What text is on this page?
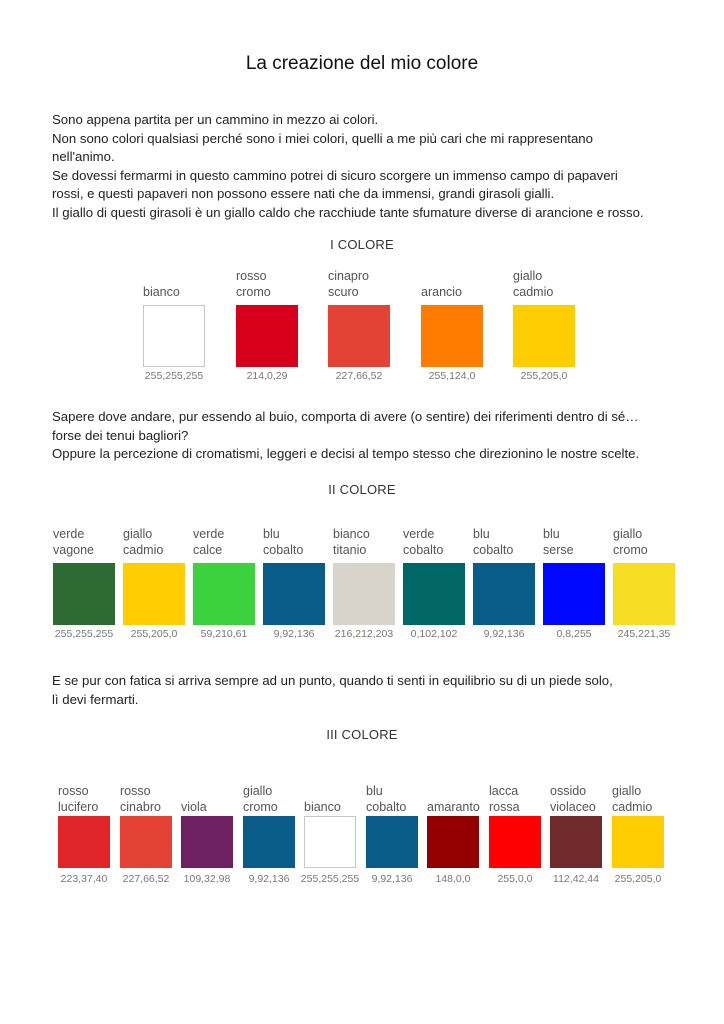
La creazione del mio colore
Sono appena partita per un cammino in mezzo ai colori.
Non sono colori qualsiasi perché sono i miei colori, quelli a me più cari che mi rappresentano
nell'animo.
Se dovessi fermarmi in questo cammino potrei di sicuro scorgere un immenso campo di papaveri
rossi, e questi papaveri non possono essere nati che da immensi, grandi girasoli gialli.
Il giallo di questi girasoli è un giallo caldo che racchiude tante sfumature diverse di arancione e rosso.
I COLORE
Sapere dove andare, pur essendo al buio, comporta di avere (o sentire) dei riferimenti dentro di sé…
forse dei tenui bagliori?
Oppure la percezione di cromatismi, leggeri e decisi al tempo stesso che direzionino le nostre scelte.
II COLORE
E se pur con fatica si arriva sempre ad un punto, quando ti senti in equilibrio su di un piede solo,
lì devi fermarti.
III COLORE
bianco
255,255,255
rosso
cromo
214,0,29
cinapro
scuro
227,66,52
arancio
255,124,0
giallo
cadmio
255,205,0
verde
vagone
255,255,255
giallo
cadmio
255,205,0
verde
calce
59,210,61
blu
cobalto
9,92,136
bianco
titanio
216,212,203
verde
cobalto
0,102,102
blu
cobalto
9,92,136
blu
serse
0,8,255
giallo
cromo
245,221,35
rosso
lucifero
223,37,40
rosso
cinabro
227,66,52
viola
109,32,98
giallo
cromo
9,92,136
bianco
255,255,255
blu
cobalto
9,92,136
amaranto
148,0,0
lacca
rossa
255,0,0
ossido
violaceo
112,42,44
giallo
cadmio
255,205,0
